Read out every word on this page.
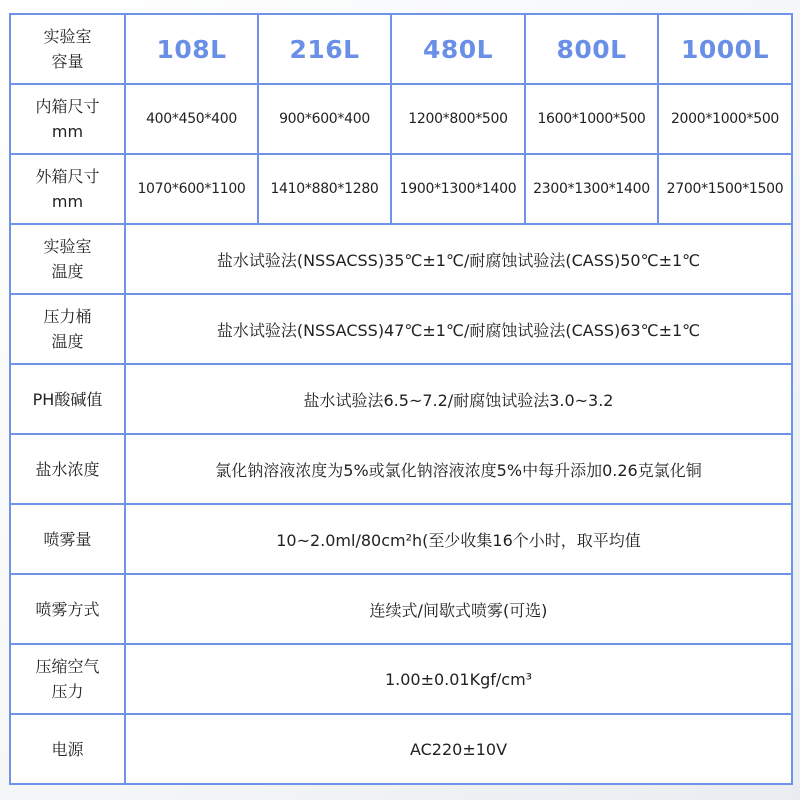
实验室
容量	108L	216L	480L	800L	1000L
内箱尺寸
mm	400*450*400	900*600*400	1200*800*500	1600*1000*500	2000*1000*500
外箱尺寸
mm	1070*600*1100	1410*880*1280	1900*1300*1400	2300*1300*1400	2700*1500*1500
实验室
温度	盐水试验法(NSSACSS)35℃±1℃/耐腐蚀试验法(CASS)50℃±1℃				
压力桶
温度	盐水试验法(NSSACSS)47℃±1℃/耐腐蚀试验法(CASS)63℃±1℃				
PH酸碱值	盐水试验法6.5~7.2/耐腐蚀试验法3.0~3.2				
盐水浓度	氯化钠溶液浓度为5%或氯化钠溶液浓度5%中每升添加0.26克氯化铜				
喷雾量	10~2.0ml/80cm²h(至少收集16个小时，取平均值				
喷雾方式	连续式/间歇式喷雾(可选)				
压缩空气
压力	1.00±0.01Kgf/cm³				
电源	AC220±10V				
